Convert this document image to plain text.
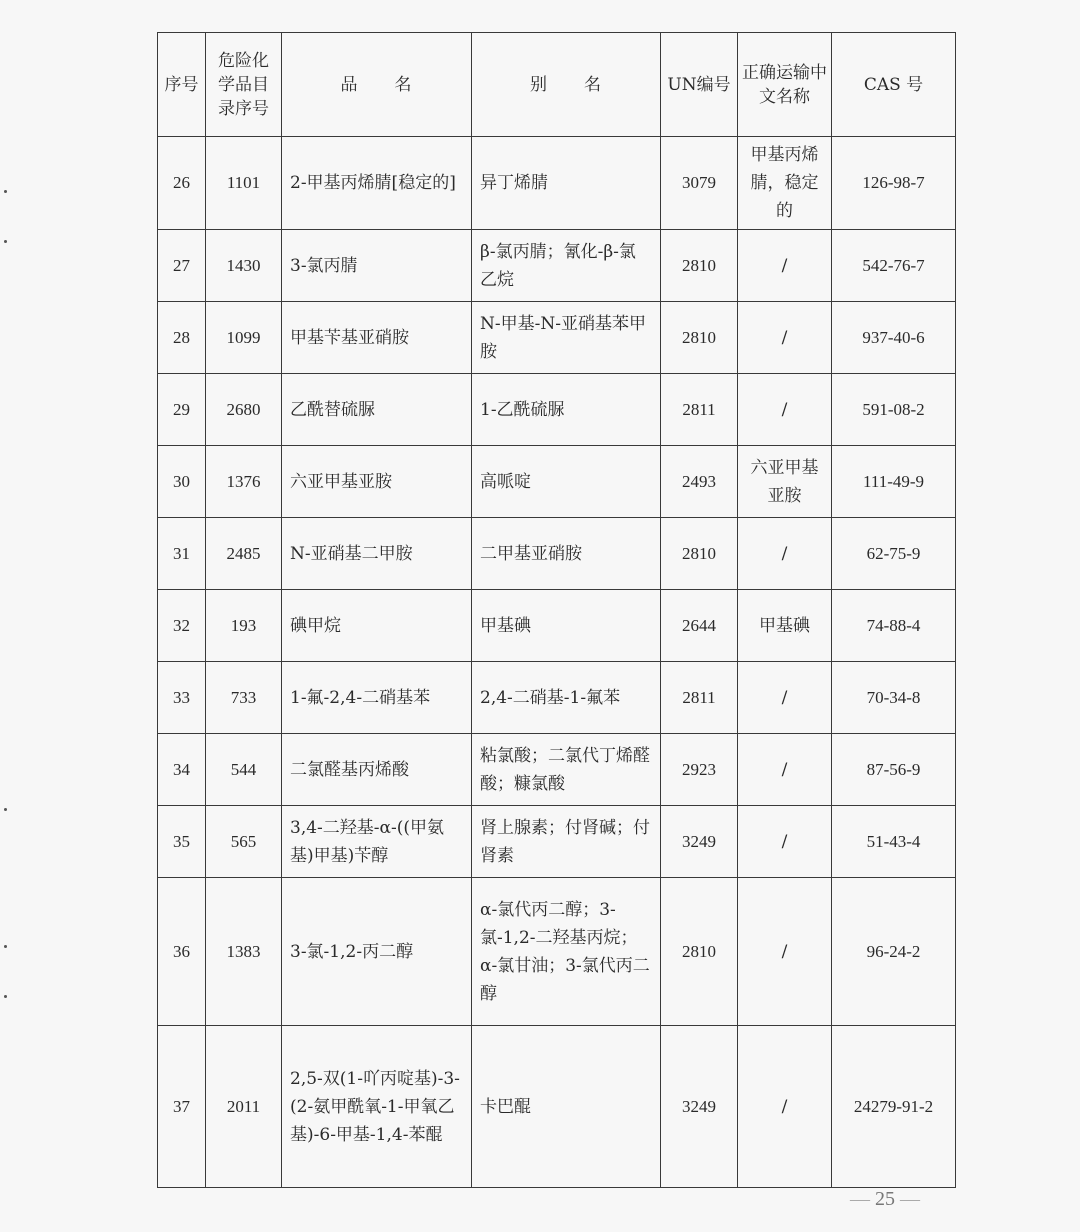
序号	危险化学品目录序号	品　　名	别　　名	UN编号	正确运输中文名称	CAS 号
26	1101	2-甲基丙烯腈[稳定的]	异丁烯腈	3079	甲基丙烯腈，稳定的	126-98-7
27	1430	3-氯丙腈	β-氯丙腈；氰化-β-氯乙烷	2810	/	542-76-7
28	1099	甲基苄基亚硝胺	N-甲基-N-亚硝基苯甲胺	2810	/	937-40-6
29	2680	乙酰替硫脲	1-乙酰硫脲	2811	/	591-08-2
30	1376	六亚甲基亚胺	高哌啶	2493	六亚甲基亚胺	111-49-9
31	2485	N-亚硝基二甲胺	二甲基亚硝胺	2810	/	62-75-9
32	193	碘甲烷	甲基碘	2644	甲基碘	74-88-4
33	733	1-氟-2,4-二硝基苯	2,4-二硝基-1-氟苯	2811	/	70-34-8
34	544	二氯醛基丙烯酸	粘氯酸；二氯代丁烯醛酸；糠氯酸	2923	/	87-56-9
35	565	3,4-二羟基-α-((甲氨基)甲基)苄醇	肾上腺素；付肾碱；付肾素	3249	/	51-43-4
36	1383	3-氯-1,2-丙二醇	α-氯代丙二醇；3-氯-1,2-二羟基丙烷；α-氯甘油；3-氯代丙二醇	2810	/	96-24-2
37	2011	2,5-双(1-吖丙啶基)-3-(2-氨甲酰氧-1-甲氧乙基)-6-甲基-1,4-苯醌	卡巴醌	3249	/	24279-91-2
— 25 —
